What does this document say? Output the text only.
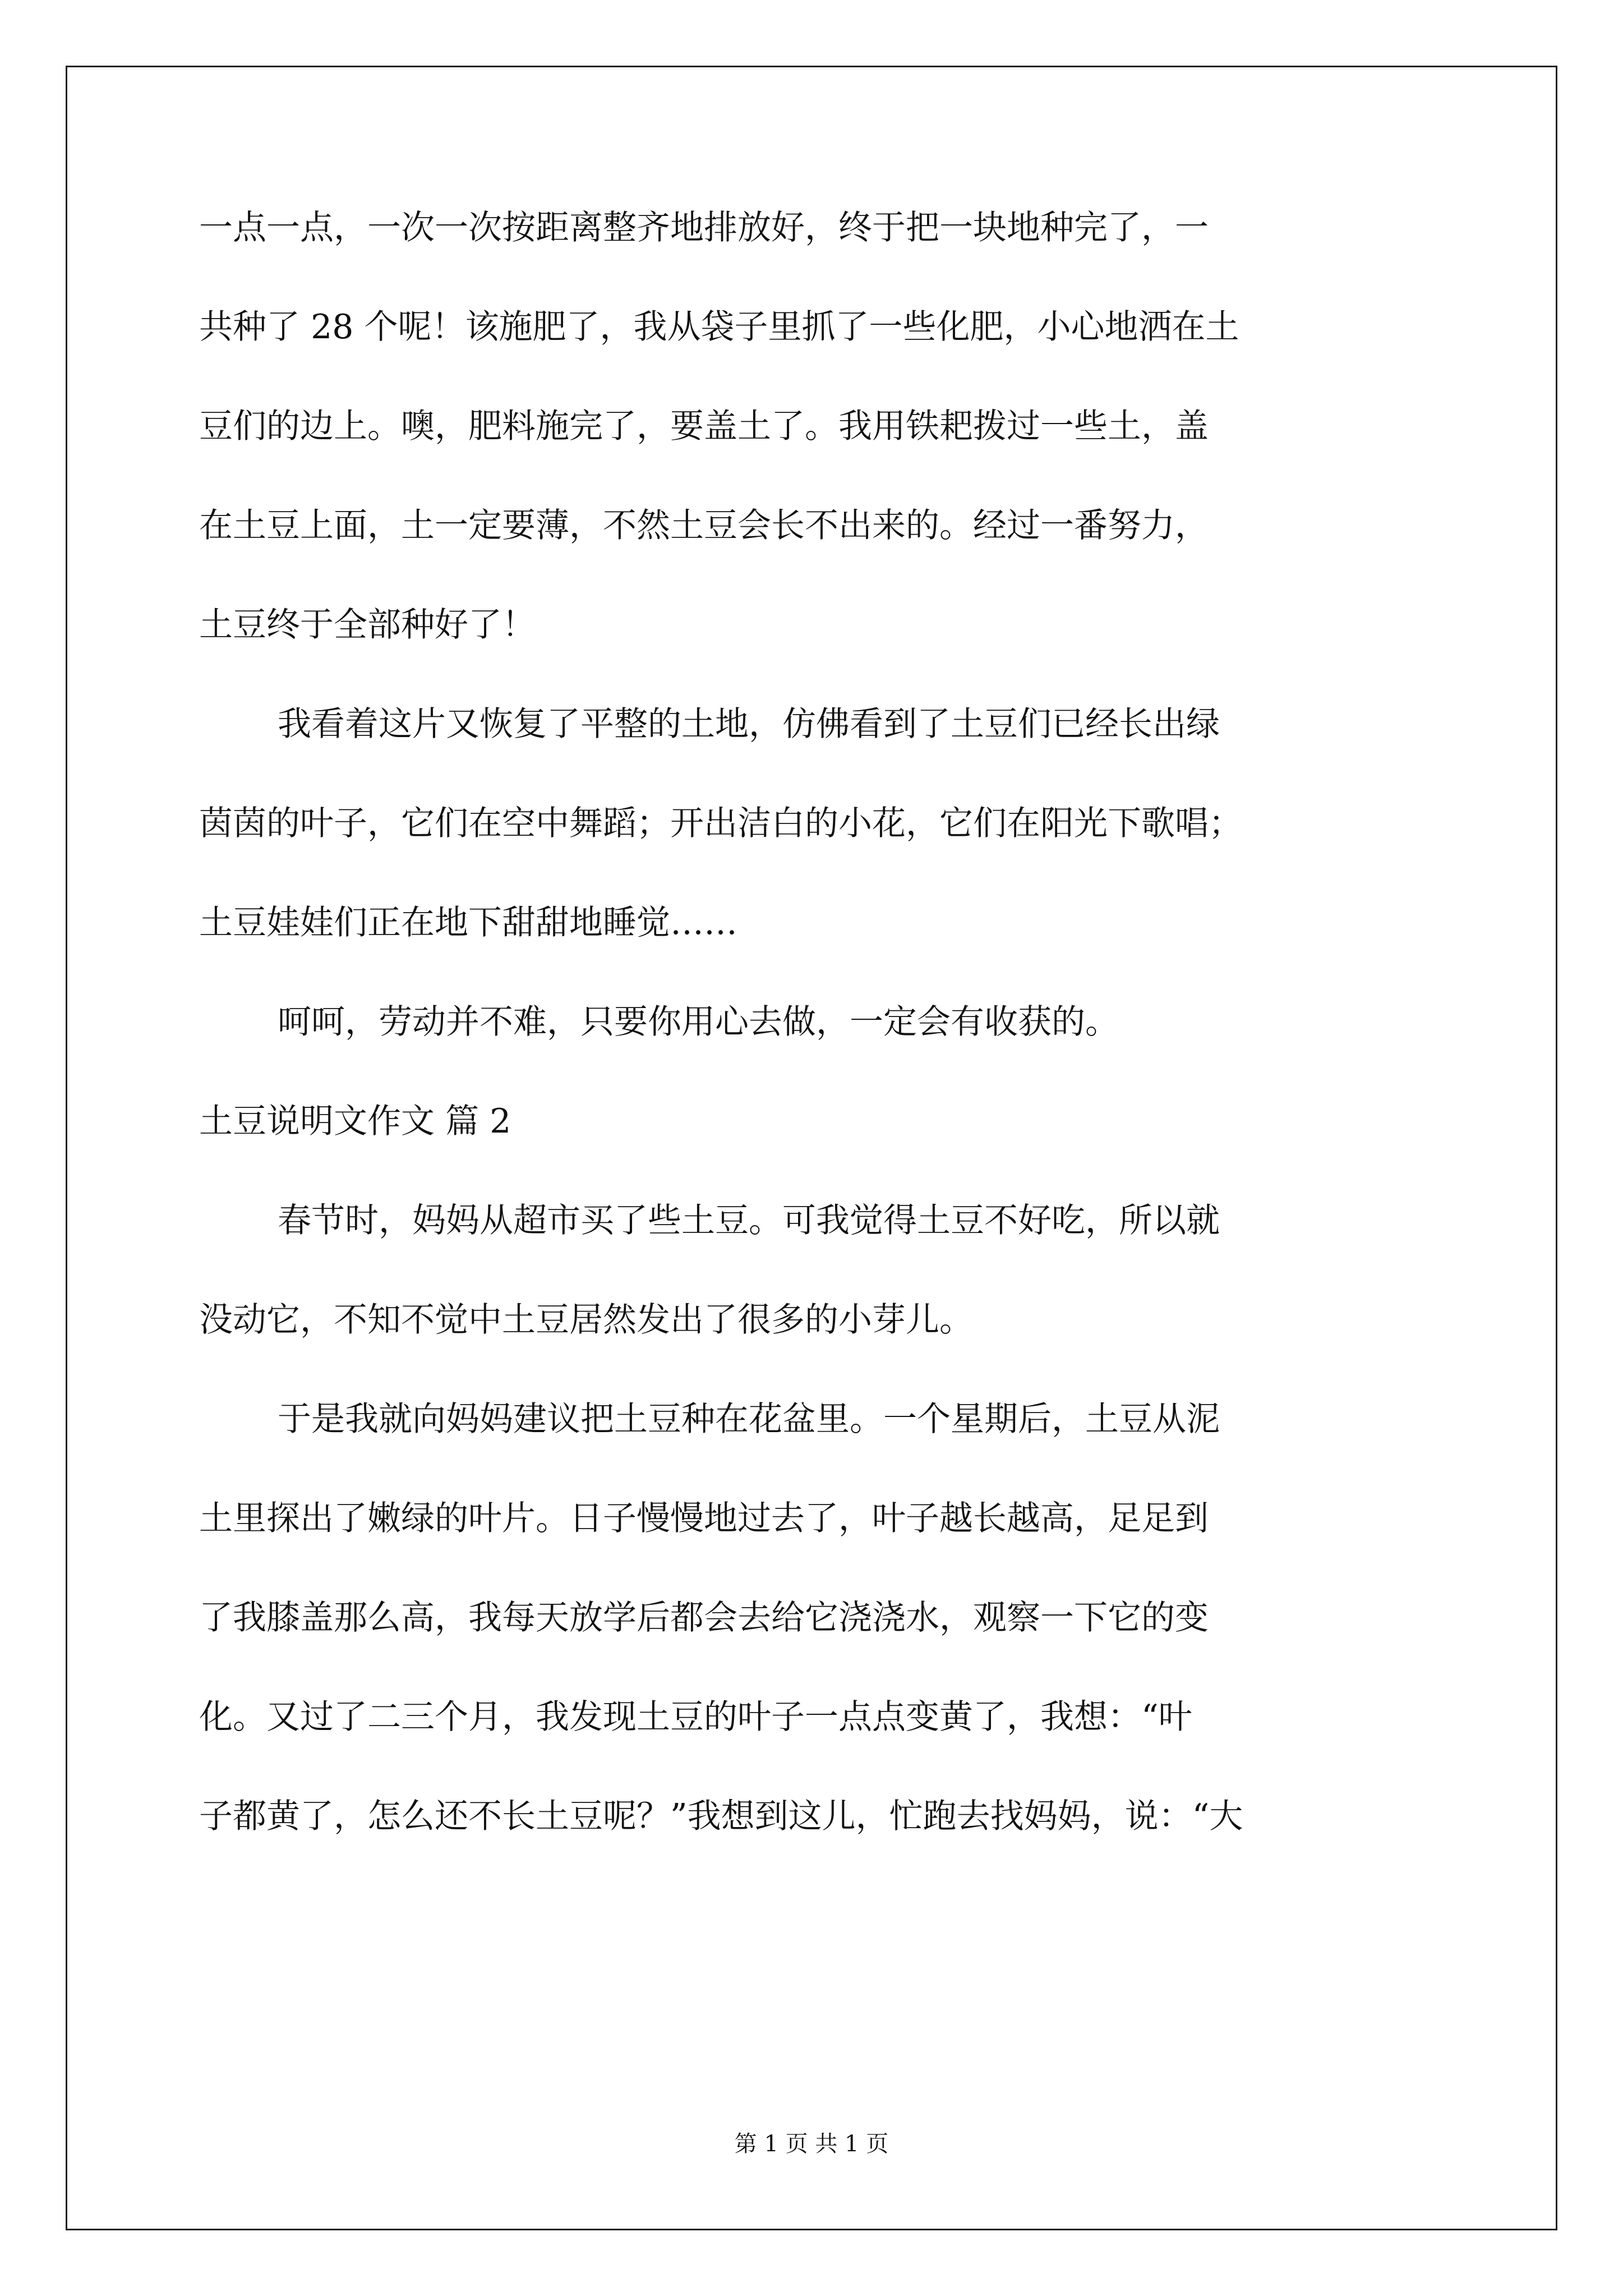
一点一点，一次一次按距离整齐地排放好，终于把一块地种完了，一
共种了 28 个呢！该施肥了，我从袋子里抓了一些化肥，小心地洒在土
豆们的边上。噢，肥料施完了，要盖土了。我用铁耙拨过一些土，盖
在土豆上面，土一定要薄，不然土豆会长不出来的。经过一番努力，
土豆终于全部种好了！
我看着这片又恢复了平整的土地，仿佛看到了土豆们已经长出绿
茵茵的叶子，它们在空中舞蹈；开出洁白的小花，它们在阳光下歌唱；
土豆娃娃们正在地下甜甜地睡觉……
呵呵，劳动并不难，只要你用心去做，一定会有收获的。
土豆说明文作文 篇 2
春节时，妈妈从超市买了些土豆。可我觉得土豆不好吃，所以就
没动它，不知不觉中土豆居然发出了很多的小芽儿。
于是我就向妈妈建议把土豆种在花盆里。一个星期后，土豆从泥
土里探出了嫩绿的叶片。日子慢慢地过去了，叶子越长越高，足足到
了我膝盖那么高，我每天放学后都会去给它浇浇水，观察一下它的变
化。又过了二三个月，我发现土豆的叶子一点点变黄了，我想：“叶
子都黄了，怎么还不长土豆呢？”我想到这儿，忙跑去找妈妈，说：“大
第 1 页 共 1 页
